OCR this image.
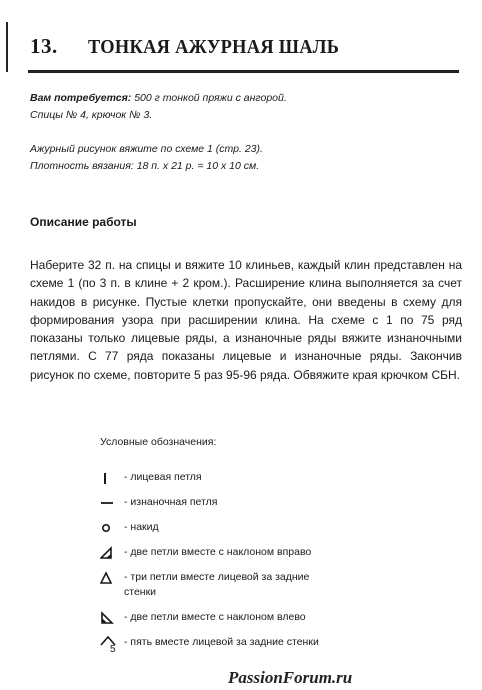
13.	ТОНКАЯ АЖУРНАЯ ШАЛЬ

Вам потребуется: 500 г тонкой пряжи с ангорой.

Спицы № 4, крючок № 3.

Ажурный рисунок вяжите по схеме 1 (стр. 23).

Плотность вязания: 18 п. х 21 р. = 10 х 10 см.

Описание работы
Наберите 32 п. на спицы и вяжите 10 клиньев, каждый клин представлен на схеме 1 (по 3 п. в клине + 2 кром.). Расширение клина выполняется за счет накидов в рисунке. Пустые клетки пропускайте, они введены в схему для формирования узора при расширении клина. На схеме с 1 по 75 ряд показаны только лицевые ряды, а изнаночные ряды вяжите изнаночными петлями. С 77 ряда показаны лицевые и изнаночные ряды. Закончив рисунок по схеме, повторите 5 раз 95-96 ряда. Обвяжите края крючком СБН.
Условные обозначения:
- лицевая петля
- изнаночная петля
- накид
- две петли вместе с наклоном вправо
- три петли вместе лицевой за задние стенки
- две петли вместе с наклоном влево
5
- пять вместе лицевой за задние стенки
PassionForum.ru
